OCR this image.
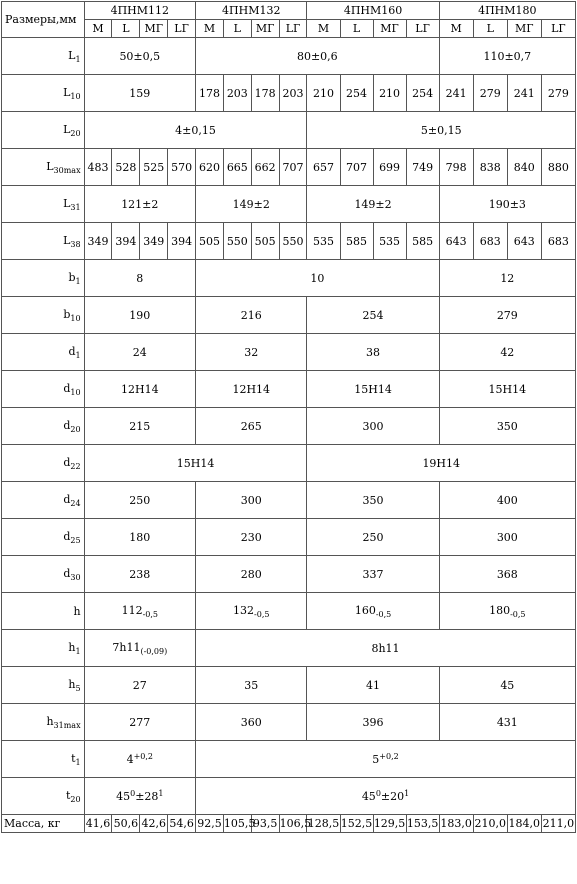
Размеры,мм	4ПНМ112				4ПНМ132				4ПНМ160				4ПНМ180			
	М	L	МГ	LГ	М	L	МГ	LГ	М	L	МГ	LГ	М	L	МГ	LГ
$L_1$	50±0,5				80±0,6								110±0,7			
$L_{10}$	159				178	203	178	203	210	254	210	254	241	279	241	279
$L_{20}$	4±0,15								5±0,15							
$L_{30max}$	483	528	525	570	620	665	662	707	657	707	699	749	798	838	840	880
$L_{31}$	121±2				149±2				149±2				190±3			
$L_{38}$	349	394	349	394	505	550	505	550	535	585	535	585	643	683	643	683
$b_1$	8				10								12			
$b_{10}$	190				216				254				279			
$d_1$	24				32				38				42			
$d_{10}$	12H14				12H14				15H14				15H14			
$d_{20}$	215				265				300				350			
$d_{22}$	15H14								19H14							
$d_{24}$	250				300				350				400			
$d_{25}$	180				230				250				300			
$d_{30}$	238				280				337				368			
h	$112_{-0,5}$				$132_{-0,5}$				$160_{-0,5}$				$180_{-0,5}$
$h_1$	$7h11_{(-0,09)}$				8h11											
$h_5$	27				35				41				45			
$h_{31max}$	277				360				396				431			
$t_1$	$4^{+0,2}$				$5^{+0,2}$
$t_{20}$	$45^0\pm 28^1$				$45^0\pm 20^1$
Масса, кг	41,6	50,6	42,6	54,6	92,5	105,5	93,5	106,5	128,5	152,5	129,5	153,5	183,0	210,0	184,0	211,0
